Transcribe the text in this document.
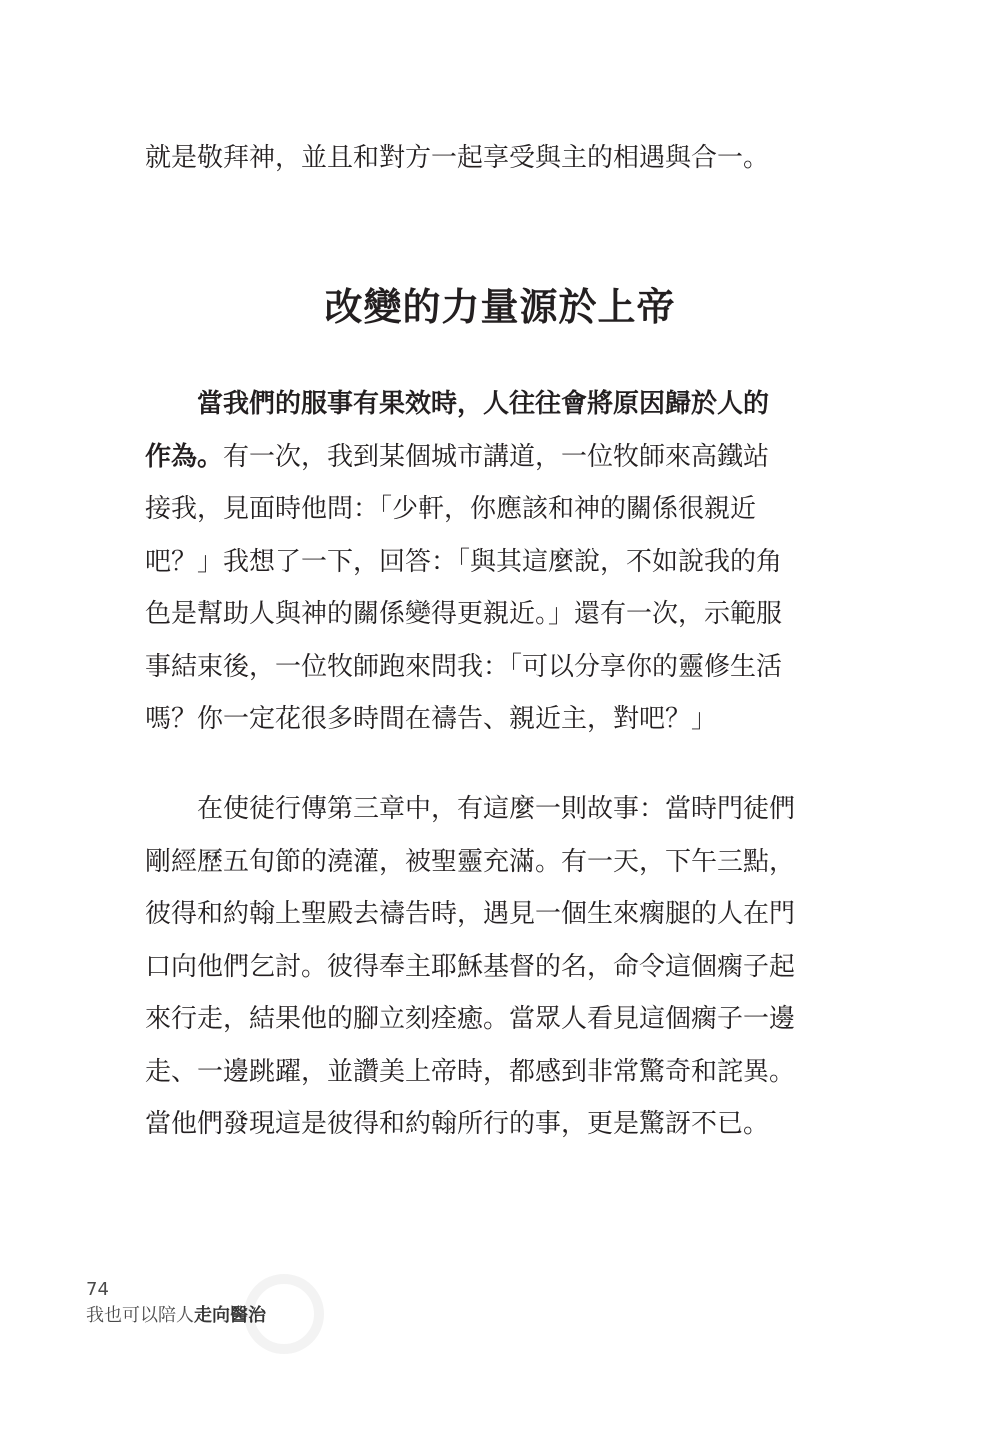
就是敬拜神，並且和對方一起享受與主的相遇與合一。

改變的力量源於上帝

當我們的服事有果效時，人往往會將原因歸於人的
作為。有一次，我到某個城市講道，一位牧師來高鐵站
接我，見面時他問：「少軒，你應該和神的關係很親近
吧？」我想了一下，回答：「與其這麼說，不如說我的角
色是幫助人與神的關係變得更親近。」還有一次，示範服
事結束後，一位牧師跑來問我：「可以分享你的靈修生活
嗎？你一定花很多時間在禱告、親近主，對吧？」

在使徒行傳第三章中，有這麼一則故事：當時門徒們
剛經歷五旬節的澆灌，被聖靈充滿。有一天，下午三點，
彼得和約翰上聖殿去禱告時，遇見一個生來瘸腿的人在門
口向他們乞討。彼得奉主耶穌基督的名，命令這個瘸子起
來行走，結果他的腳立刻痊癒。當眾人看見這個瘸子一邊
走、一邊跳躍，並讚美上帝時，都感到非常驚奇和詫異。
當他們發現這是彼得和約翰所行的事，更是驚訝不已。

74
我也可以陪人走向醫治
